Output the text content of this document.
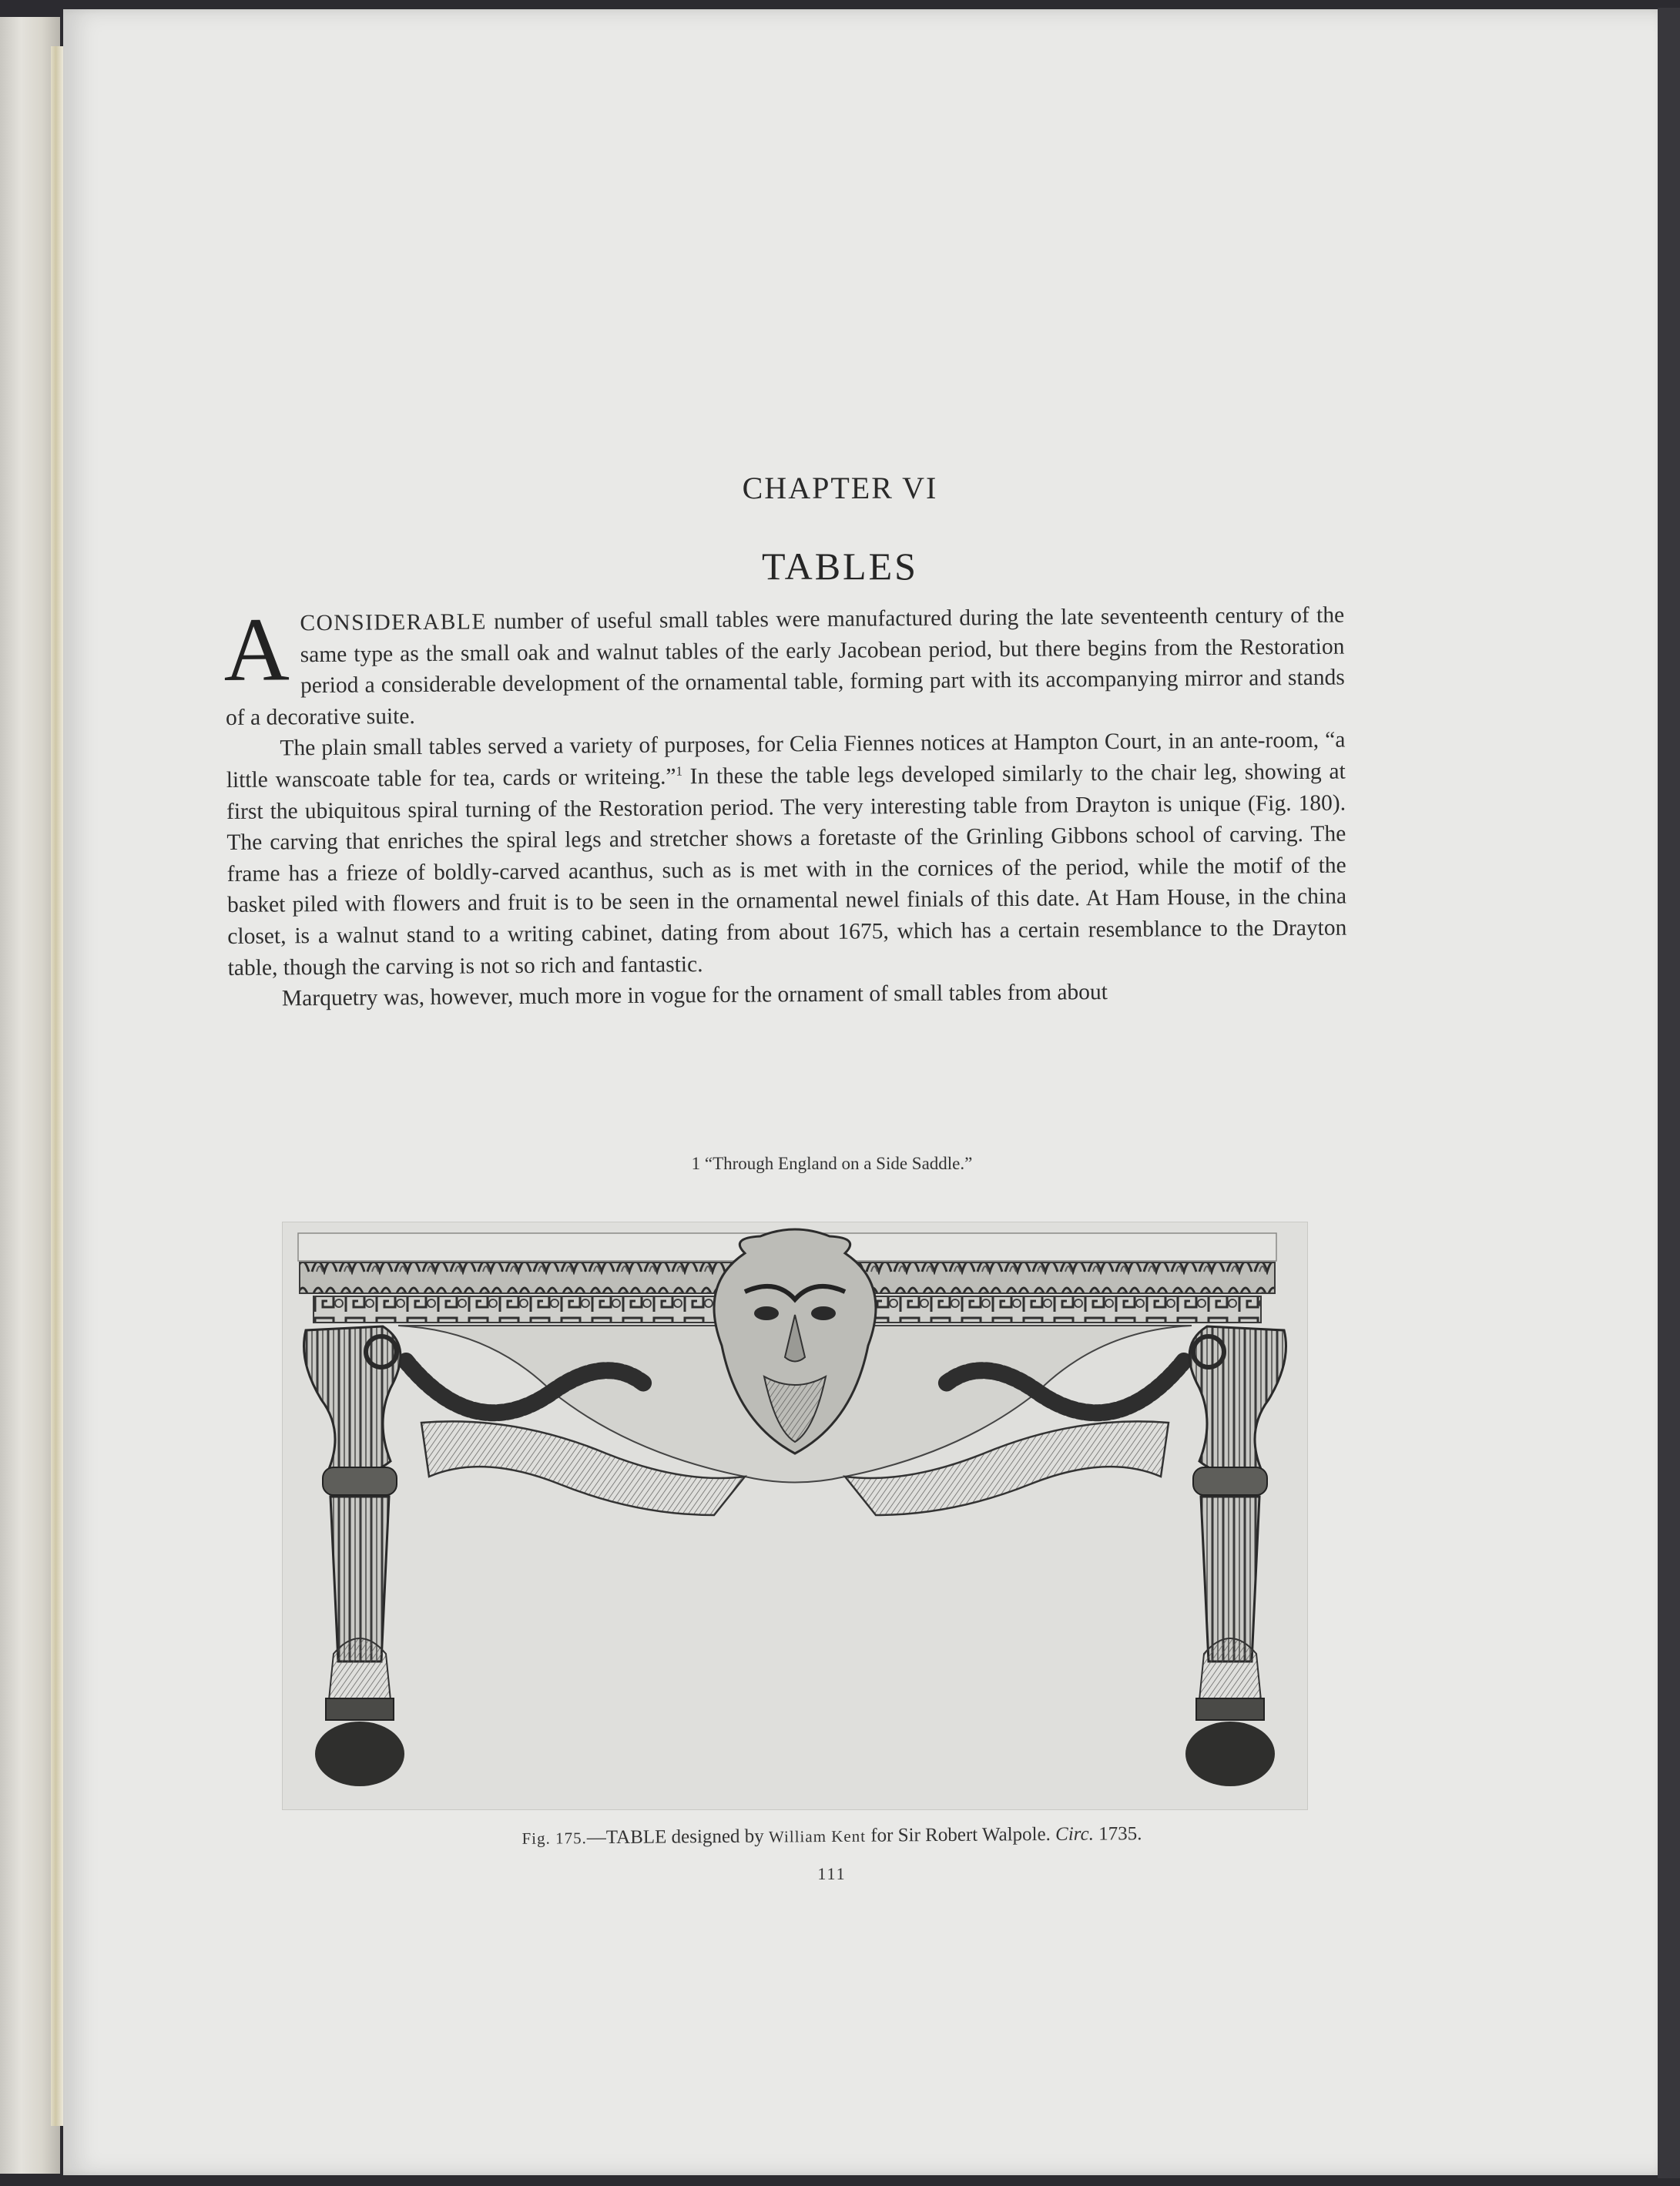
CHAPTER VI
TABLES

ACONSIDERABLE number of useful small tables were manufactured during the late seventeenth century of the same type as the small oak and walnut tables of the early Jacobean period, but there begins from the Restoration period a considerable development of the ornamental table, forming part with its accompanying mirror and stands of a decorative suite.

The plain small tables served a variety of purposes, for Celia Fiennes notices at Hampton Court, in an ante-room, “a little wanscoate table for tea, cards or writeing.”$^1$ In these the table legs developed similarly to the chair leg, showing at first the ubiquitous spiral turning of the Restoration period. The very interesting table from Drayton is unique (Fig. 180). The carving that enriches the spiral legs and stretcher shows a foretaste of the Grinling Gibbons school of carving. The frame has a frieze of boldly-carved acanthus, such as is met with in the cornices of the period, while the motif of the basket piled with flowers and fruit is to be seen in the ornamental newel finials of this date. At Ham House, in the china closet, is a walnut stand to a writing cabinet, dating from about 1675, which has a certain resemblance to the Drayton table, though the carving is not so rich and fantastic.

Marquetry was, however, much more in vogue for the ornament of small tables from about

1 “Through England on a Side Saddle.”
Fig. 175.—TABLE designed by William Kent for Sir Robert Walpole. Circ. 1735.
111
